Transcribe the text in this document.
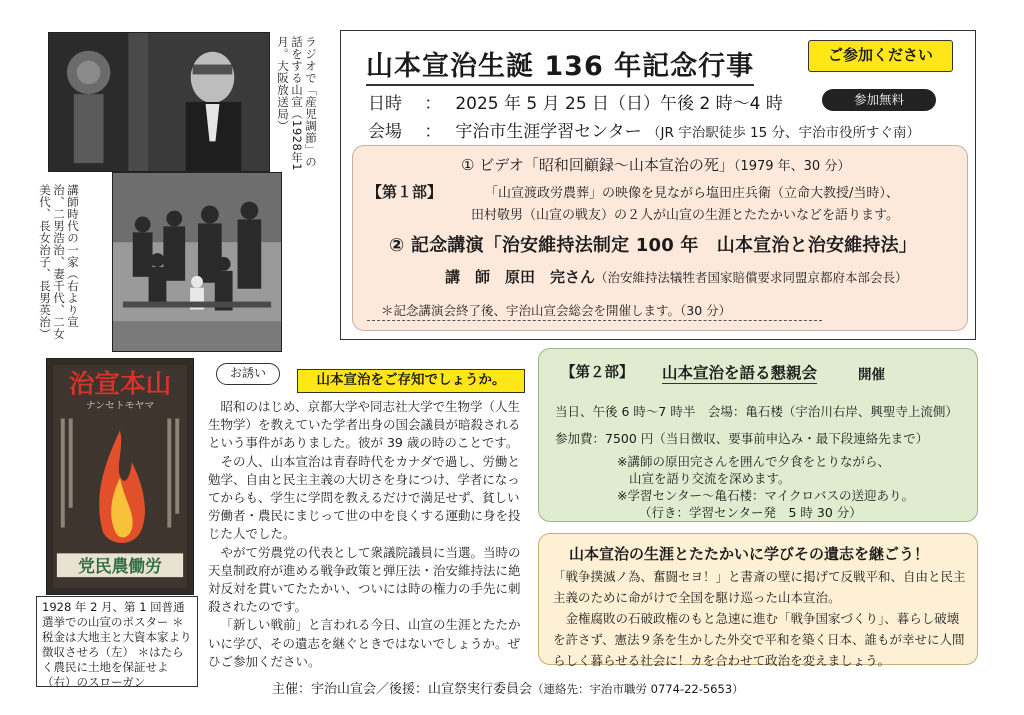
ラジオで「産児調節」の話をする山宣（1928年1月。大阪放送局）
講師時代の一家（右より宣治、二男浩治、妻千代、二女美代、長女治子、長男英治）
山本宣治生誕 136 年記念行事	ご参加ください
日時 　：　 2025 年 5 月 25 日（日）午後 2 時～4 時	参加無料
会場 　：　 宇治市生涯学習センター （JR 宇治駅徒歩 15 分、宇治市役所すぐ南）
【第１部】
① ビデオ「昭和回顧録～山本宣治の死」（1979 年、30 分）
「山宣渡政労農葬」の映像を見ながら塩田庄兵衛（立命大教授/当時）、
田村敬男（山宣の戦友）の２人が山宣の生涯とたたかいなどを語ります。
② 記念講演「治安維持法制定 100 年　山本宣治と治安維持法」
講　師　原田　完さん（治安維持法犠牲者国家賠償要求同盟京都府本部会長）
＊記念講演会終了後、宇治山宣会総会を開催します。（30 分）
治宣本山
ナンセトモヤマ
党民農働労
1928 年 2 月、第 1 回普通選挙での山宣のポスター ＊税金は大地主と大資本家より徴収させろ（左） ＊はたらく農民に土地を保証せよ（右）のスローガン
お誘い	山本宣治をご存知でしょうか。

昭和のはじめ、京都大学や同志社大学で生物学（人生生物学）を教えていた学者出身の国会議員が暗殺されるという事件がありました。彼が 39 歳の時のことです。

その人、山本宣治は青春時代をカナダで過し、労働と勉学、自由と民主主義の大切さを身につけ、学者になってからも、学生に学問を教えるだけで満足せず、貧しい労働者・農民にまじって世の中を良くする運動に身を投じた人でした。

やがて労農党の代表として衆議院議員に当選。当時の天皇制政府が進める戦争政策と弾圧法・治安維持法に絶対反対を貫いてたたかい、ついには時の権力の手先に刺殺されたのです。

「新しい戦前」と言われる今日、山宣の生涯とたたかいに学び、その遺志を継ぐときではないでしょうか。ぜひご参加ください。

【第２部】 山本宣治を語る懇親会	開催
当日、午後 6 時～7 時半　会場：亀石楼（宇治川右岸、興聖寺上流側）
参加費：7500 円（当日徴収、要事前申込み・最下段連絡先まで）
※講師の原田完さんを囲んで夕食をとりながら、
山宣を語り交流を深めます。
※学習センター～亀石楼：マイクロバスの送迎あり。
（行き：学習センター発　5 時 30 分）
山本宣治の生涯とたたかいに学びその遺志を継ごう！

「戦争撲滅ノ為、奮闘セヨ！」と書斎の壁に掲げて反戦平和、自由と民主主義のために命がけで全国を駆け巡った山本宣治。

金権腐敗の石破政権のもと急速に進む「戦争国家づくり」、暮らし破壊を許さず、憲法９条を生かした外交で平和を築く日本、誰もが幸せに人間らしく暮らせる社会に！カを合わせて政治を変えましょう。

主催：宇治山宣会／後援：山宣祭実行委員会（連絡先：宇治市職労 0774-22-5653）
